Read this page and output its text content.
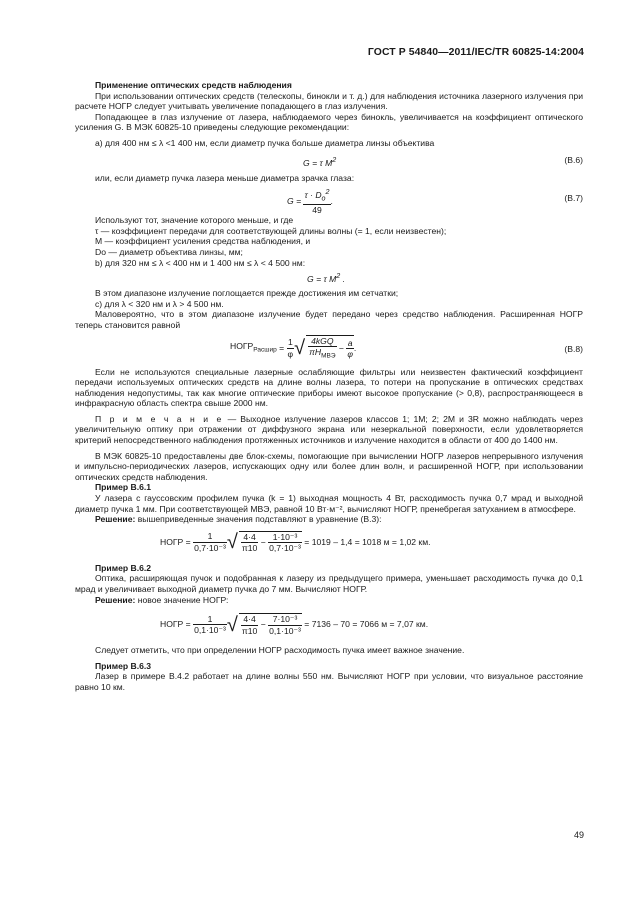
ГОСТ Р 54840—2011/IEC/TR 60825-14:2004

Применение оптических средств наблюдения

При использовании оптических средств (телескопы, бинокли и т. д.) для наблюдения источника лазерного излучения при расчете НОГР следует учитывать увеличение попадающего в глаз излучения.

Попадающее в глаз излучение от лазера, наблюдаемого через бинокль, увеличивается на коэффициент оптического усиления G. В МЭК 60825-10 приведены следующие рекомендации:

а) для 400 нм ≤ λ <1 400 нм, если диаметр пучка больше диаметра линзы объектива

G = τ $M^2$	(В.6)

или, если диаметр пучка лазера меньше диаметра зрачка глаза:

G =
$\frac{\tau \cdot D_o^2}{49}$ .	(В.7)

Используют тот, значение которого меньше, и где

τ — коэффициент передачи для соответствующей длины волны (= 1, если неизвестен);

M — коэффициент усиления средства наблюдения, и

Do — диаметр объектива линзы, мм;

b) для 320 нм ≤ λ < 400 нм и 1 400 нм ≤ λ < 4 500 нм:

G = τ $M^2$ .

В этом диапазоне излучение поглощается прежде достижения им сетчатки;

с) для λ < 320 нм и λ > 4 500 нм.

Маловероятно, что в этом диапазоне излучение будет передано через средство наблюдения. Расширенная НОГР теперь становится равной

$НОГР_{Расшир}$
=
$\frac{1}{\varphi}$ √ $\frac{\text{4kGQ}}{\pi H_{МВЭ}} - \frac{a}{\varphi}$ .	(В.8)

Если не используются специальные лазерные ослабляющие фильтры или неизвестен фактический коэффициент передачи используемых оптических средств на длине волны лазера, то потери на пропускание в оптических средствах наблюдения недопустимы, так как многие оптические приборы имеют высокое пропускание (> 0,8), распространяющееся в инфракрасную область спектра свыше 2000 нм.

П р и м е ч а н и е — Выходное излучение лазеров классов 1; 1М; 2; 2М и 3R можно наблюдать через увеличительную оптику при отражении от диффузного экрана или незеркальной поверхности, если удовлетворяется критерий непосредственного наблюдения протяженных источников и излучение находится в области от 400 до 1400 нм.

В МЭК 60825-10 предоставлены две блок-схемы, помогающие при вычислении НОГР лазеров непрерывного излучения и импульсно-периодических лазеров, испускающих одну или более длин волн, и расширенной НОГР, при использовании оптических средств наблюдения.

Пример В.6.1

У лазера с гауссовским профилем пучка (k = 1) выходная мощность 4 Вт, расходимость пучка 0,7 мрад и выходной диаметр пучка 1 мм. При соответствующей МВЭ, равной 10 Вт·м⁻², вычисляют НОГР, пренебрегая затуханием в атмосфере.

Решение: вышеприведенные значения подставляют в уравнение (В.3):

НОГР =
$\frac{1}{\text{0,7·10⁻³}}$ √ $\frac{4\cdot 4}{\pi 10} - \frac{\text{1·10⁻³}}{\text{0,7·10⁻³}}$
= 1019 – 1,4 = 1018 м = 1,02 км.

Пример В.6.2

Оптика, расширяющая пучок и подобранная к лазеру из предыдущего примера, уменьшает расходимость пучка до 0,1 мрад и увеличивает выходной диаметр пучка до 7 мм. Вычисляют НОГР.

Решение: новое значение НОГР:

НОГР =
$\frac{1}{\text{0,1·10⁻³}}$ √ $\frac{4\cdot 4}{\pi 10} - \frac{\text{7·10⁻³}}{\text{0,1·10⁻³}}$
= 7136 – 70 = 7066 м = 7,07 км.

Следует отметить, что при определении НОГР расходимость пучка имеет важное значение.

Пример В.6.3

Лазер в примере В.4.2 работает на длине волны 550 нм. Вычисляют НОГР при условии, что визуальное расстояние равно 10 км.

49
